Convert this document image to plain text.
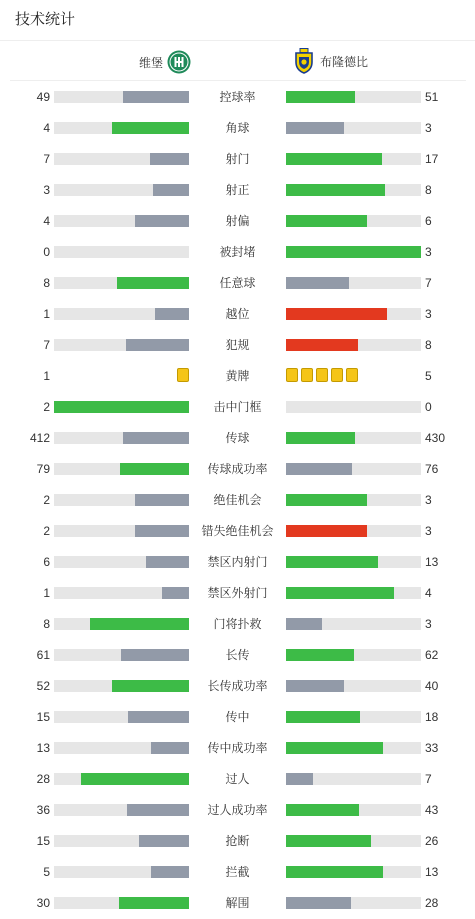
技术统计
维堡	布隆德比
49	控球率	51
4	角球	3
7	射门	17
3	射正	8
4	射偏	6
0	被封堵	3
8	任意球	7
1	越位	3
7	犯规	8
1	黄牌	5
2	击中门框	0
412	传球	430
79	传球成功率	76
2	绝佳机会	3
2	错失绝佳机会	3
6	禁区内射门	13
1	禁区外射门	4
8	门将扑救	3
61	长传	62
52	长传成功率	40
15	传中	18
13	传中成功率	33
28	过人	7
36	过人成功率	43
15	抢断	26
5	拦截	13
30	解围	28
